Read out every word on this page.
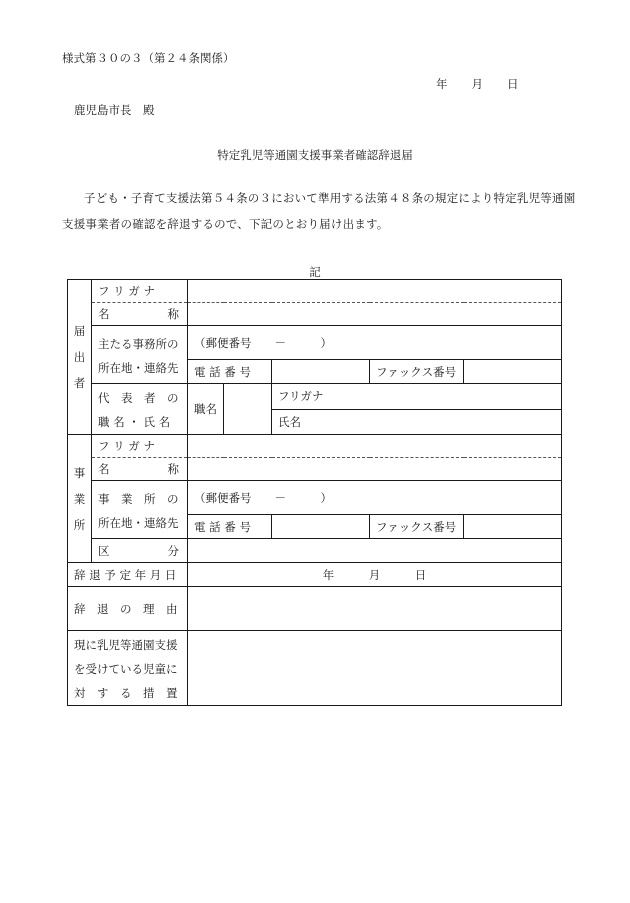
様式第３０の３（第２４条関係）
年 月 日
鹿児島市長　殿
特定乳児等通園支援事業者確認辞退届
子ども・子育て支援法第５４条の３において準用する法第４８条の規定により特定乳児等通園支援事業者の確認を辞退するので、下記のとおり届け出ます。
記
届
出
者	フ リ ガ ナ					

	名 称					

	主たる事務所の
所在地・連絡先	（郵便番号　　－　　　）				
		電 話 番 号			ファックス番号	

	代　表　者　の
職 名 ・ 氏 名	職名		フリガナ		
				氏名		

事
業
所	フ リ ガ ナ					

	名 称					

	事　業　所　の
所在地・連絡先	（郵便番号　　－　　　）				
		電 話 番 号			ファックス番号	

	区 分					

辞 退 予 定 年 月 日		年　　　月　　　日				
辞　退　の　理　由						

現に乳児等通園支援
を受けている児童に
対　す　る　措　置						
